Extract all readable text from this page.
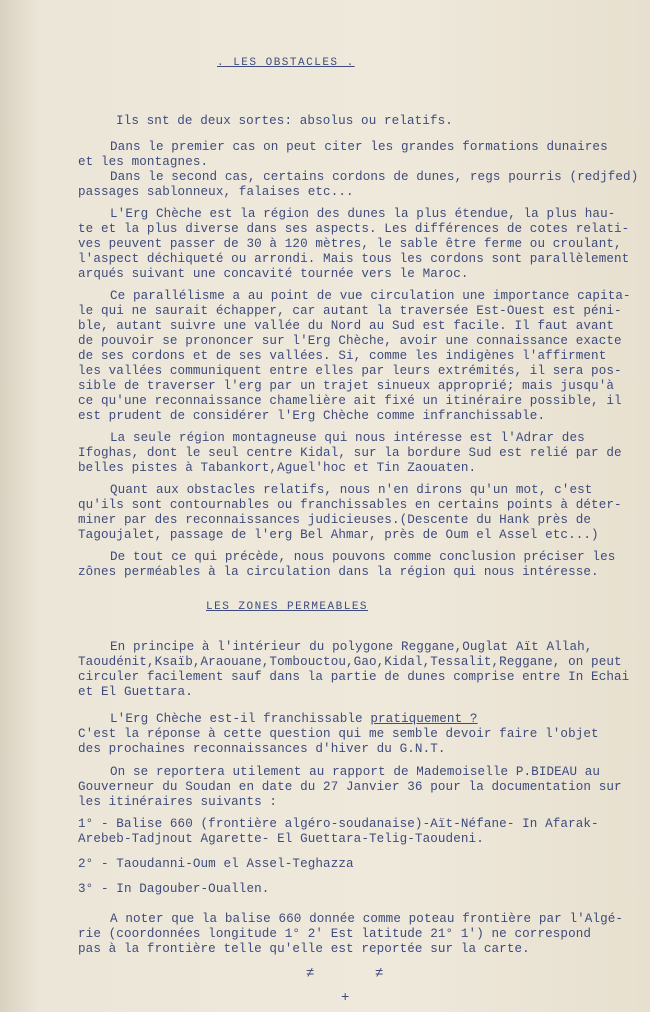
. LES OBSTACLES .
Ils snt de deux sortes: absolus ou relatifs.
Dans le premier cas on peut citer les grandes formations dunaires
et les montagnes.
Dans le second cas, certains cordons de dunes, regs pourris (redjfed)
passages sablonneux, falaises etc...
L'Erg Chèche est la région des dunes la plus étendue, la plus hau-
te et la plus diverse dans ses aspects. Les différences de cotes relati-
ves peuvent passer de 30 à 120 mètres, le sable être ferme ou croulant,
l'aspect déchiqueté ou arrondi. Mais tous les cordons sont parallèlement
arqués suivant une concavité tournée vers le Maroc.
Ce parallélisme a au point de vue circulation une importance capita-
le qui ne saurait échapper, car autant la traversée Est-Ouest est péni-
ble, autant suivre une vallée du Nord au Sud est facile. Il faut avant
de pouvoir se prononcer sur l'Erg Chèche, avoir une connaissance exacte
de ses cordons et de ses vallées. Si, comme les indigènes l'affirment
les vallées communiquent entre elles par leurs extrémités, il sera pos-
sible de traverser l'erg par un trajet sinueux approprié; mais jusqu'à
ce qu'une reconnaissance chamelière ait fixé un itinéraire possible, il
est prudent de considérer l'Erg Chèche comme infranchissable.
La seule région montagneuse qui nous intéresse est l'Adrar des
Ifoghas, dont le seul centre Kidal, sur la bordure Sud est relié par de
belles pistes à Tabankort,Aguel'hoc et Tin Zaouaten.
Quant aux obstacles relatifs, nous n'en dirons qu'un mot, c'est
qu'ils sont contournables ou franchissables en certains points à déter-
miner par des reconnaissances judicieuses.(Descente du Hank près de
Tagoujalet, passage de l'erg Bel Ahmar, près de Oum el Assel etc...)
De tout ce qui précède, nous pouvons comme conclusion préciser les
zônes perméables à la circulation dans la région qui nous intéresse.
LES ZONES PERMEABLES
En principe à l'intérieur du polygone Reggane,Ouglat Aït Allah,
Taoudénit,Ksaïb,Araouane,Tombouctou,Gao,Kidal,Tessalit,Reggane, on peut
circuler facilement sauf dans la partie de dunes comprise entre In Echai
et El Guettara.
L'Erg Chèche est-il franchissable pratiquement ?
C'est la réponse à cette question qui me semble devoir faire l'objet
des prochaines reconnaissances d'hiver du G.N.T.
On se reportera utilement au rapport de Mademoiselle P.BIDEAU au
Gouverneur du Soudan en date du 27 Janvier 36 pour la documentation sur
les itinéraires suivants :
1° - Balise 660 (frontière algéro-soudanaise)-Aït-Néfane- In Afarak-
Arebeb-Tadjnout Agarette- El Guettara-Telig-Taoudeni.
2° - Taoudanni-Oum el Assel-Teghazza
3° - In Dagouber-Ouallen.
A noter que la balise 660 donnée comme poteau frontière par l'Algé-
rie (coordonnées longitude 1° 2' Est latitude 21° 1') ne correspond
pas à la frontière telle qu'elle est reportée sur la carte.
≠	≠
+
